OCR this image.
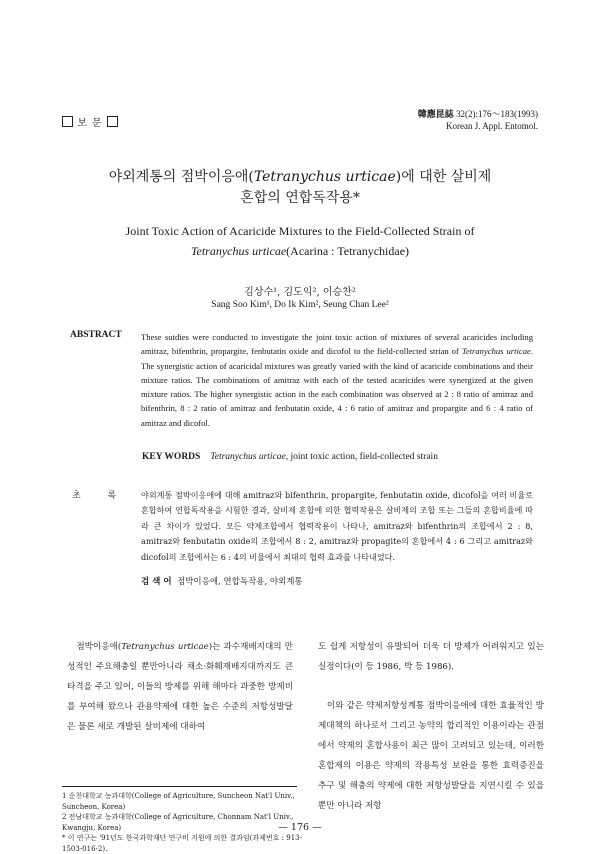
보 문
韓應昆誌 32(2):176～183(1993)
Korean J. Appl. Entomol.
야외계통의 점박이응애(Tetranychus urticae)에 대한 살비제
혼합의 연합독작용*
Joint Toxic Action of Acaricide Mixtures to the Field-Collected Strain of
Tetranychus urticae(Acarina : Tetranychidae)
김상수¹, 김도익², 이승찬²
Sang Soo Kim¹, Do Ik Kim², Seung Chan Lee²
ABSTRACT These sutdies were conducted to investigate the joint toxic action of mixtures of several acaricides including amitraz, bifenthrin, propargite, fenbutatin oxide and dicofol to the field-collected strian of Tetranychus urticae. The synergistic action of acaricidal mixtures was greatly varied with the kind of acaricide combinations and their mixture ratios. The combinations of amitraz with each of the tested acaricides were synergized at the given mixture ratios. The higher synergistic action in the each combination was observed at 2 : 8 ratio of amitraz and bifenthrin, 8 : 2 ratio of amitraz and fenbutatin oxide, 4 : 6 ratio of amitraz and propargite and 6 : 4 ratio of amitraz and dicofol.
KEY WORDS Tetranychus urticae, joint toxic action, field-collected strain
초 록 야외계통 점박이응애에 대해 amitraz와 bifenthrin, propargite, fenbutatin oxide, dicofol을 여러 비율로 혼합하여 연합독작용을 시험한 결과, 살비제 혼합에 의한 협력작용은 살비제의 조합 또는 그들의 혼합비율에 따라 큰 차이가 있었다. 모든 약제조합에서 협력작용이 나타나, amitraz와 bifenthrin의 조합에서 2 : 8, amitraz와 fenbutatin oxide의 조합에서 8 : 2, amitraz와 propagite의 혼합에서 4 : 6 그리고 amitraz와 dicofol의 조합에서는 6 : 4의 비율에서 최대의 협력 효과를 나타내었다.
검 색 어 점박이응애, 연합독작용, 야외계통
점박이응애(Tetranychus urticae)는 과수재배지대의 만성적인 주요해충일 뿐만아니라 채소·화훼재배지대까지도 큰 타격을 주고 있어, 이들의 방제를 위해 해마다 과중한 방제비를 부여해 왔으나 관용약제에 대한 높은 수준의 저항성발달은 물론 새로 개발된 살비제에 대하여

도 쉽게 저항성이 유발되어 더욱 더 방제가 어려워지고 있는 실정이다(이 등 1986, 박 등 1986).

이와 같은 약제저항성계통 점박이응애에 대한 효율적인 방제대책의 하나로서 그리고 농약의 합리적인 이용이라는 관점에서 약제의 혼합사용이 최근 많이 고려되고 있는데, 이러한 혼합제의 이용은 약제의 작용특성 보완을 통한 효력증진을 추구 및 해충의 약제에 대한 저항성발달을 지연시킬 수 있을 뿐만 아니라 저항

1 순천대학교 농과대학(College of Agriculture, Suncheon Nat'l Univ., Suncheon, Korea)
2 전남대학교 농과대학(College of Agriculture, Chonnam Nat'l Univ., Kwangju, Korea)
* 이 연구는 '91년도 한국과학재단 연구비 지원에 의한 결과임(과제번호 : 913-1503-016-2).
— 176 —
